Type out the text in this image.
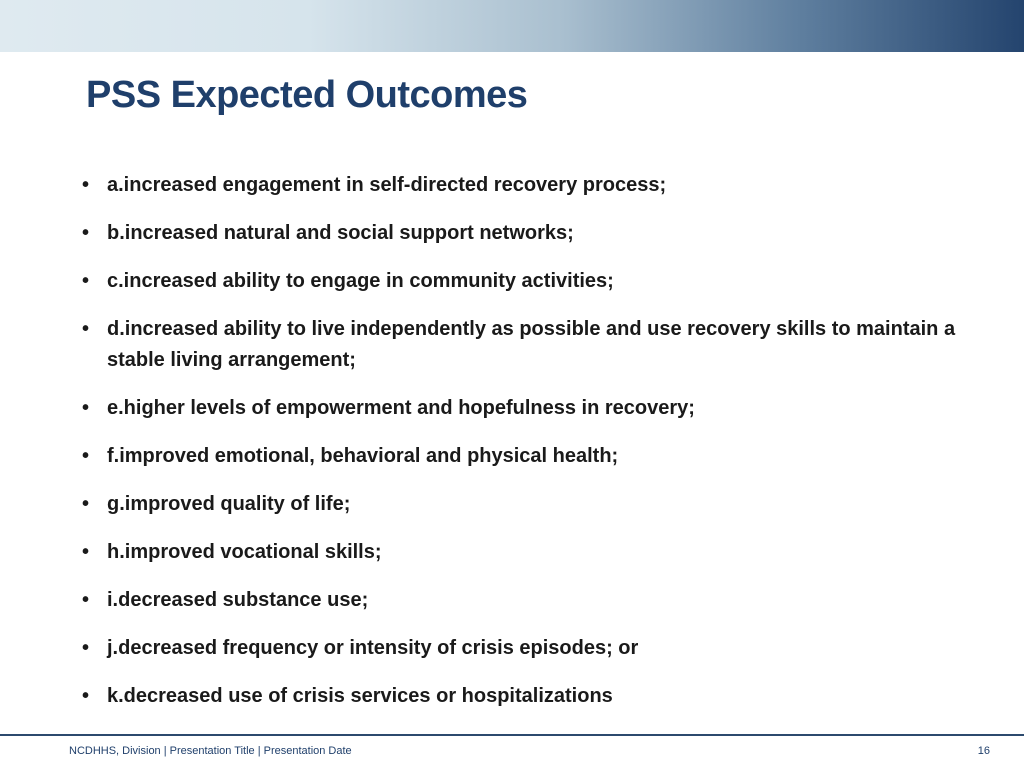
PSS Expected Outcomes
• a.increased engagement in self-directed recovery process;
• b.increased natural and social support networks;
• c.increased ability to engage in community activities;
• d.increased ability to live independently as possible and use recovery skills to maintain a stable living arrangement;
• e.higher levels of empowerment and hopefulness in recovery;
• f.improved emotional, behavioral and physical health;
• g.improved quality of life;
• h.improved vocational skills;
• i.decreased substance use;
• j.decreased frequency or intensity of crisis episodes; or
• k.decreased use of crisis services or hospitalizations
NCDHHS, Division | Presentation Title | Presentation Date	16
